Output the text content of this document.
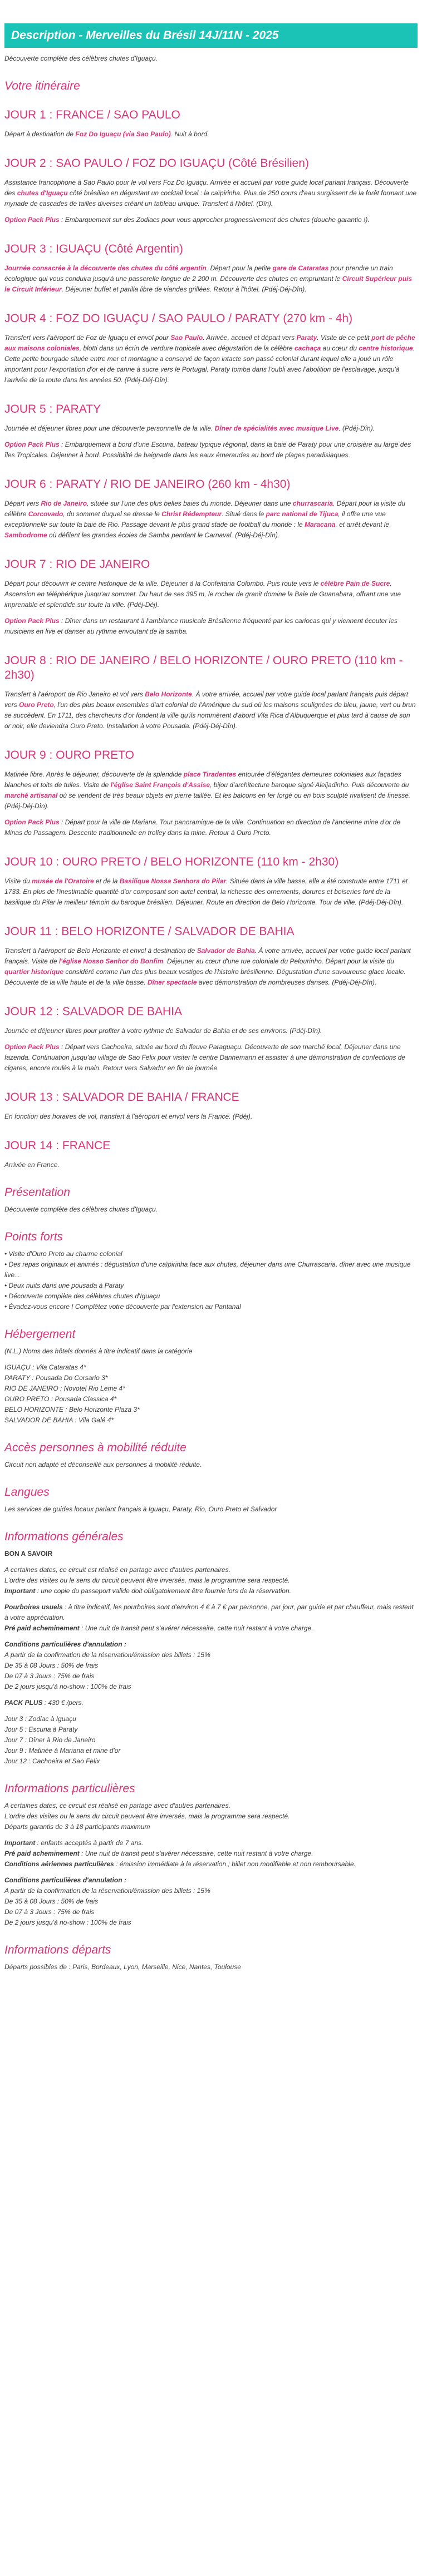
Description - Merveilles du Brésil 14J/11N - 2025

Découverte complète des célèbres chutes d'Iguaçu.

Votre itinéraire
JOUR 1 : FRANCE / SAO PAULO

Départ à destination de Foz Do Iguaçu (via Sao Paulo). Nuit à bord.

JOUR 2 : SAO PAULO / FOZ DO IGUAÇU (Côté Brésilien)

Assistance francophone à Sao Paulo pour le vol vers Foz Do Iguaçu. Arrivée et accueil par votre guide local parlant français. Découverte des chutes d'Iguaçu côté brésilien en dégustant un cocktail local : la caïpirinha. Plus de 250 cours d'eau surgissent de la forêt formant une myriade de cascades de tailles diverses créant un tableau unique. Transfert à l'hôtel. (Dîn).

Option Pack Plus : Embarquement sur des Zodiacs pour vous approcher prognessivement des chutes (douche garantie !).

JOUR 3 : IGUAÇU (Côté Argentin)

Journée consacrée à la découverte des chutes du côté argentin. Départ pour la petite gare de Cataratas pour prendre un train écologique qui vous conduira jusqu'à une passerelle longue de 2 200 m. Découverte des chutes en empruntant le Circuit Supérieur puis le Circuit Inférieur. Déjeuner buffet et parilla libre de viandes grillées. Retour à l'hôtel. (Pdéj-Déj-Dîn).

JOUR 4 : FOZ DO IGUAÇU / SAO PAULO / PARATY (270 km - 4h)

Transfert vers l'aéroport de Foz de Iguaçu et envol pour Sao Paulo. Arrivée, accueil et départ vers Paraty. Visite de ce petit port de pêche aux maisons coloniales, blotti dans un écrin de verdure tropicale avec dégustation de la célèbre cachaça au cœur du centre historique. Cette petite bourgade située entre mer et montagne a conservé de façon intacte son passé colonial durant lequel elle a joué un rôle important pour l'exportation d'or et de canne à sucre vers le Portugal. Paraty tomba dans l'oubli avec l'abolition de l'esclavage, jusqu'à l'arrivée de la route dans les années 50. (Pdéj-Déj-Dîn).

JOUR 5 : PARATY

Journée et déjeuner libres pour une découverte personnelle de la ville. Dîner de spécialités avec musique Live. (Pdéj-Dîn).

Option Pack Plus : Embarquement à bord d'une Escuna, bateau typique régional, dans la baie de Paraty pour une croisière au large des îles Tropicales. Déjeuner à bord. Possibilité de baignade dans les eaux émeraudes au bord de plages paradisiaques.

JOUR 6 : PARATY / RIO DE JANEIRO (260 km - 4h30)

Départ vers Rio de Janeiro, située sur l'une des plus belles baies du monde. Déjeuner dans une churrascaria. Départ pour la visite du célèbre Corcovado, du sommet duquel se dresse le Christ Rédempteur. Situé dans le parc national de Tijuca, il offre une vue exceptionnelle sur toute la baie de Rio. Passage devant le plus grand stade de football du monde : le Maracana, et arrêt devant le Sambodrome où défilent les grandes écoles de Samba pendant le Carnaval. (Pdéj-Déj-Dîn).

JOUR 7 : RIO DE JANEIRO

Départ pour découvrir le centre historique de la ville. Déjeuner à la Confeitaria Colombo. Puis route vers le célèbre Pain de Sucre. Ascension en téléphérique jusqu'au sommet. Du haut de ses 395 m, le rocher de granit domine la Baie de Guanabara, offrant une vue imprenable et splendide sur toute la ville. (Pdéj-Déj).

Option Pack Plus : Dîner dans un restaurant à l'ambiance musicale Brésilienne fréquenté par les cariocas qui y viennent écouter les musiciens en live et danser au rythme envoutant de la samba.

JOUR 8 : RIO DE JANEIRO / BELO HORIZONTE / OURO PRETO (110 km - 2h30)

Transfert à l'aéroport de Rio Janeiro et vol vers Belo Horizonte. À votre arrivée, accueil par votre guide local parlant français puis départ vers Ouro Preto, l'un des plus beaux ensembles d'art colonial de l'Amérique du sud où les maisons soulignées de bleu, jaune, vert ou brun se succèdent. En 1711, des chercheurs d'or fondent la ville qu'ils nommèrent d'abord Vila Rica d'Albuquerque et plus tard à cause de son or noir, elle deviendra Ouro Preto. Installation à votre Pousada. (Pdéj-Déj-Dîn).

JOUR 9 : OURO PRETO

Matinée libre. Après le déjeuner, découverte de la splendide place Tiradentes entourée d'élégantes demeures coloniales aux façades blanches et toits de tuiles. Visite de l'église Saint François d'Assise, bijou d'architecture baroque signé Aleijadinho. Puis découverte du marché artisanal où se vendent de très beaux objets en pierre taillée. Et les balcons en fer forgé ou en bois sculpté rivalisent de finesse. (Pdéj-Déj-Dîn).

Option Pack Plus : Départ pour la ville de Mariana. Tour panoramique de la ville. Continuation en direction de l'ancienne mine d'or de Minas do Passagem. Descente traditionnelle en trolley dans la mine. Retour à Ouro Preto.

JOUR 10 : OURO PRETO / BELO HORIZONTE (110 km - 2h30)

Visite du musée de l'Oratoire et de la Basilique Nossa Senhora do Pilar. Située dans la ville basse, elle a été construite entre 1711 et 1733. En plus de l'inestimable quantité d'or composant son autel central, la richesse des ornements, dorures et boiseries font de la basilique du Pilar le meilleur témoin du baroque brésilien. Déjeuner. Route en direction de Belo Horizonte. Tour de ville. (Pdéj-Déj-Dîn).

JOUR 11 : BELO HORIZONTE / SALVADOR DE BAHIA

Transfert à l'aéroport de Belo Horizonte et envol à destination de Salvador de Bahia. À votre arrivée, accueil par votre guide local parlant français. Visite de l'église Nosso Senhor do Bonfim. Déjeuner au cœur d'une rue coloniale du Pelourinho. Départ pour la visite du quartier historique considéré comme l'un des plus beaux vestiges de l'histoire brésilienne. Dégustation d'une savoureuse glace locale. Découverte de la ville haute et de la ville basse. Dîner spectacle avec démonstration de nombreuses danses. (Pdéj-Déj-Dîn).

JOUR 12 : SALVADOR DE BAHIA

Journée et déjeuner libres pour profiter à votre rythme de Salvador de Bahia et de ses environs. (Pdéj-Dîn).

Option Pack Plus : Départ vers Cachoeira, située au bord du fleuve Paraguaçu. Découverte de son marché local. Déjeuner dans une fazenda. Continuation jusqu'au village de Sao Felix pour visiter le centre Dannemann et assister à une démonstration de confections de cigares, encore roulés à la main. Retour vers Salvador en fin de journée.

JOUR 13 : SALVADOR DE BAHIA / FRANCE

En fonction des horaires de vol, transfert à l'aéroport et envol vers la France. (Pdéj).

JOUR 14 : FRANCE

Arrivée en France.

Présentation

Découverte complète des célèbres chutes d'Iguaçu.

Points forts
• Visite d'Ouro Preto au charme colonial
• Des repas originaux et animés : dégustation d'une caïpirinha face aux chutes, déjeuner dans une Churrascaria, dîner avec une musique live...
• Deux nuits dans une pousada à Paraty
• Découverte complète des célèbres chutes d'Iguaçu
• Évadez-vous encore ! Complétez votre découverte par l'extension au Pantanal
Hébergement

(N.L.) Noms des hôtels donnés à titre indicatif dans la catégorie

IGUAÇU : Vila Cataratas 4*
PARATY : Pousada Do Corsario 3*
RIO DE JANEIRO : Novotel Rio Leme 4*
OURO PRETO : Pousada Classica 4*
BELO HORIZONTE : Belo Horizonte Plaza 3*
SALVADOR DE BAHIA : Vila Galé 4*
Accès personnes à mobilité réduite

Circuit non adapté et déconseillé aux personnes à mobilité réduite.

Langues

Les services de guides locaux parlant français à Iguaçu, Paraty, Rio, Ouro Preto et Salvador

Informations générales

BON A SAVOIR

A certaines dates, ce circuit est réalisé en partage avec d'autres partenaires.

L'ordre des visites ou le sens du circuit peuvent être inversés, mais le programme sera respecté.

Important : une copie du passeport valide doit obligatoirement être fournie lors de la réservation.

Pourboires usuels : à titre indicatif, les pourboires sont d'environ 4 € à 7 € par personne, par jour, par guide et par chauffeur, mais restent à votre appréciation.

Pré paid acheminement : Une nuit de transit peut s'avérer nécessaire, cette nuit restant à votre charge.

Conditions particulières d'annulation :

A partir de la confirmation de la réservation/émission des billets : 15%

De 35 à 08 Jours : 50% de frais

De 07 à 3 Jours : 75% de frais

De 2 jours jusqu'à no-show : 100% de frais

PACK PLUS : 430 € /pers.

Jour 3 : Zodiac à Iguaçu

Jour 5 : Escuna à Paraty

Jour 7 : Dîner à Rio de Janeiro

Jour 9 : Matinée à Mariana et mine d'or

Jour 12 : Cachoeira et Sao Felix

Informations particulières

A certaines dates, ce circuit est réalisé en partage avec d'autres partenaires.

L'ordre des visites ou le sens du circuit peuvent être inversés, mais le programme sera respecté.

Départs garantis de 3 à 18 participants maximum

Important : enfants acceptés à partir de 7 ans.

Pré paid acheminement : Une nuit de transit peut s'avérer nécessaire, cette nuit restant à votre charge.

Conditions aériennes particulières : émission immédiate à la réservation ; billet non modifiable et non remboursable.

Conditions particulières d'annulation :

A partir de la confirmation de la réservation/émission des billets : 15%

De 35 à 08 Jours : 50% de frais

De 07 à 3 Jours : 75% de frais

De 2 jours jusqu'à no-show : 100% de frais

Informations départs

Départs possibles de : Paris, Bordeaux, Lyon, Marseille, Nice, Nantes, Toulouse
